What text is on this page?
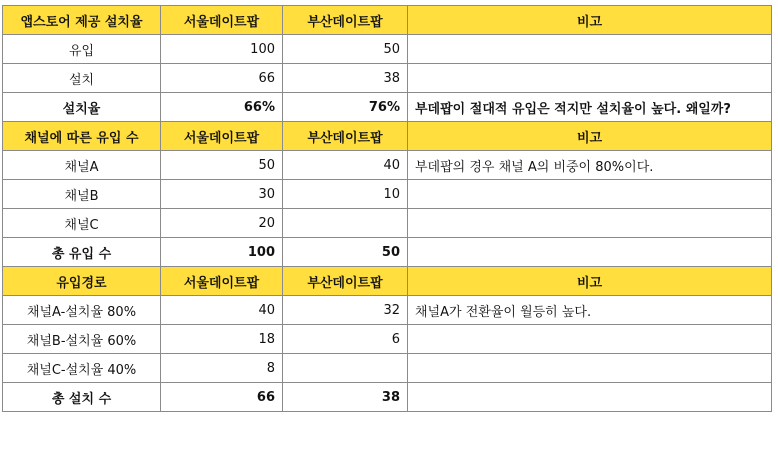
앱스토어 제공 설치율	서울데이트팝	부산데이트팝	비고
유입	100	50	
설치	66	38	
설치율	66%	76%	부데팝이 절대적 유입은 적지만 설치율이 높다. 왜일까?
채널에 따른 유입 수	서울데이트팝	부산데이트팝	비고
채널A	50	40	부데팝의 경우 채널 A의 비중이 80%이다.
채널B	30	10	
채널C	20		
총 유입 수	100	50	
유입경로	서울데이트팝	부산데이트팝	비고
채널A-설치율 80%	40	32	채널A가 전환율이 월등히 높다.
채널B-설치율 60%	18	6	
채널C-설치율 40%	8		
총 설치 수	66	38	
